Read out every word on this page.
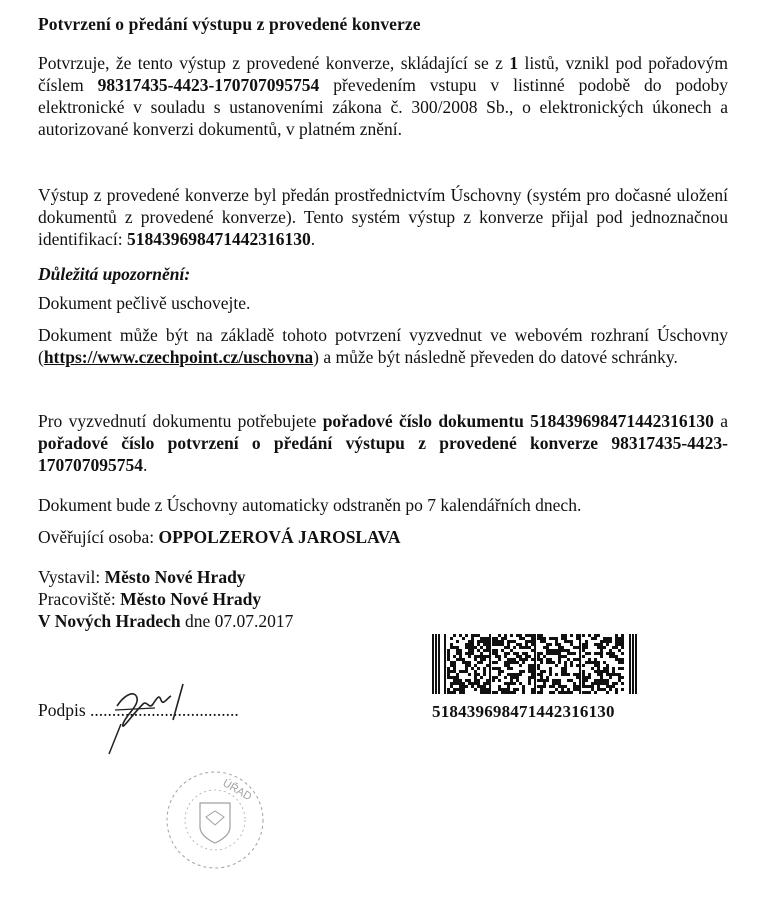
Potvrzení o předání výstupu z provedené konverze
Potvrzuje, že tento výstup z provedené konverze, skládající se z 1 listů, vznikl pod pořadovým číslem 98317435-4423-170707095754 převedením vstupu v listinné podobě do podoby elektronické v souladu s ustanoveními zákona č. 300/2008 Sb., o elektronických úkonech a autorizované konverzi dokumentů, v platném znění.
Výstup z provedené konverze byl předán prostřednictvím Úschovny (systém pro dočasné uložení dokumentů z provedené konverze). Tento systém výstup z konverze přijal pod jednoznačnou identifikací: 518439698471442316130.
Důležitá upozornění:
Dokument pečlivě uschovejte.
Dokument může být na základě tohoto potvrzení vyzvednut ve webovém rozhraní Úschovny (https://www.czechpoint.cz/uschovna) a může být následně převeden do datové schránky.
Pro vyzvednutí dokumentu potřebujete pořadové číslo dokumentu 518439698471442316130 a pořadové číslo potvrzení o předání výstupu z provedené konverze 98317435-4423-170707095754.
Dokument bude z Úschovny automaticky odstraněn po 7 kalendářních dnech.
Ověřující osoba: OPPOLZEROVÁ JAROSLAVA
Vystavil: Město Nové Hrady
Pracoviště: Město Nové Hrady
V Nových Hradech dne 07.07.2017
Podpis ..................................	518439698471442316130
ÚŘAD
